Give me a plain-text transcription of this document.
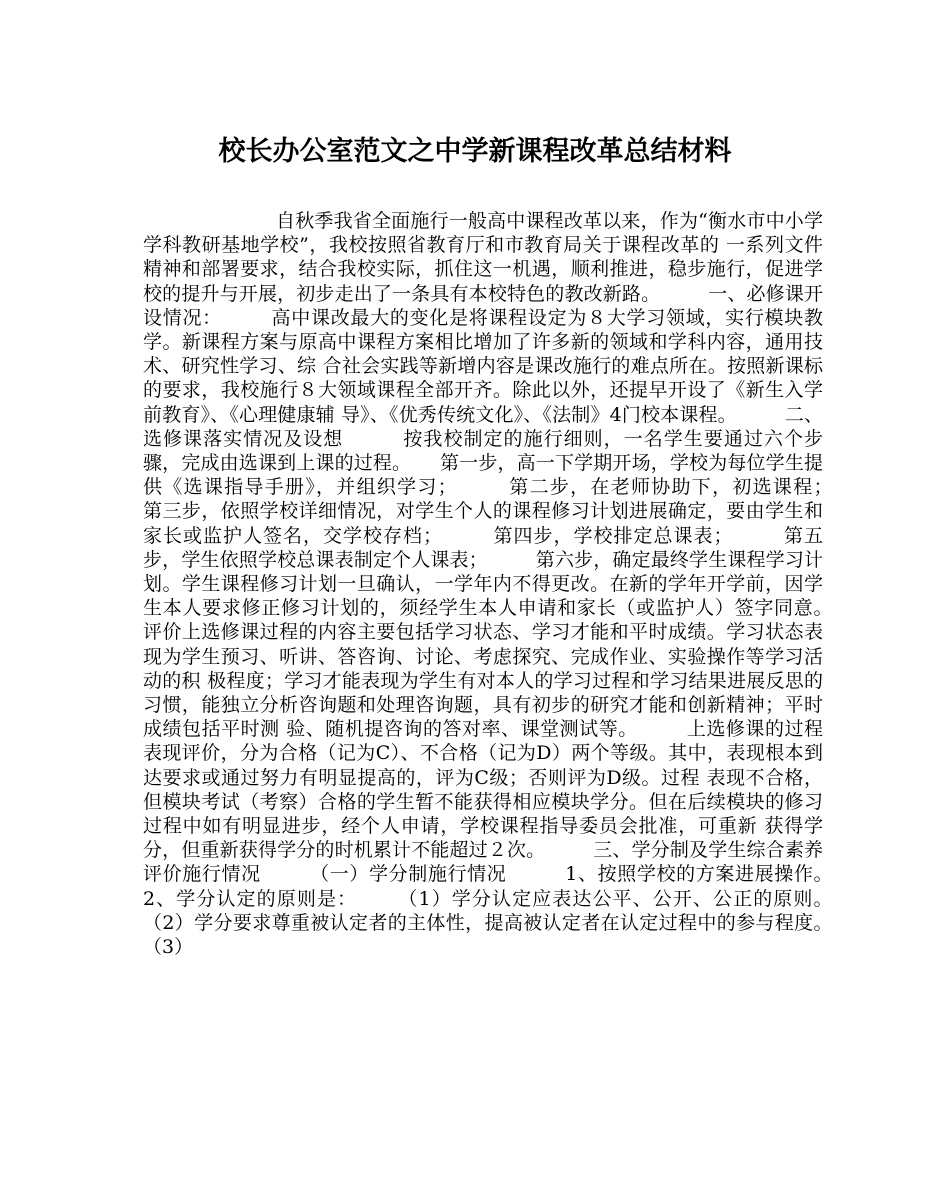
校长办公室范文之中学新课程改革总结材料

自秋季我省全面施行一般高中课程改革以来，作为“衡水市中小学学科教研基地学校”，我校按照省教育厅和市教育局关于课程改革的 一系列文件精神和部署要求，结合我校实际，抓住这一机遇，顺利推进，稳步施行，促进学校的提升与开展，初步走出了一条具有本校特色的教改新路。　　　一、必修课开设情况：　　　高中课改最大的变化是将课程设定为８大学习领域，实行模块教学。新课程方案与原高中课程方案相比增加了许多新的领域和学科内容，通用技术、研究性学习、综 合社会实践等新增内容是课改施行的难点所在。按照新课标的要求，我校施行８大领域课程全部开齐。除此以外，还提早开设了《新生入学前教育》、《心理健康辅 导》、《优秀传统文化》、《法制》4门校本课程。　　　二、选修课落实情况及设想　　　按我校制定的施行细则，一名学生要通过六个步骤，完成由选课到上课的过程。　　第一步，高一下学期开场，学校为每位学生提供《选课指导手册》，并组织学习；　　　第二步，在老师协助下，初选课程；　　　第三步，依照学校详细情况，对学生个人的课程修习计划进展确定，要由学生和家长或监护人签名，交学校存档；　　　第四步，学校排定总课表；　　　第五步，学生依照学校总课表制定个人课表；　　　第六步，确定最终学生课程学习计划。学生课程修习计划一旦确认，一学年内不得更改。在新的学年开学前，因学生本人要求修正修习计划的，须经学生本人申请和家长（或监护人）签字同意。　　　评价上选修课过程的内容主要包括学习状态、学习才能和平时成绩。学习状态表现为学生预习、听讲、答咨询、讨论、考虑探究、完成作业、实验操作等学习活动的积 极程度；学习才能表现为学生有对本人的学习过程和学习结果进展反思的习惯，能独立分析咨询题和处理咨询题，具有初步的研究才能和创新精神；平时成绩包括平时测 验、随机提咨询的答对率、课堂测试等。　　　上选修课的过程表现评价，分为合格（记为C）、不合格（记为D）两个等级。其中，表现根本到达要求或通过努力有明显提高的，评为C级；否则评为D级。过程 表现不合格，但模块考试（考察）合格的学生暂不能获得相应模块学分。但在后续模块的修习过程中如有明显进步，经个人申请，学校课程指导委员会批准，可重新 获得学分，但重新获得学分的时机累计不能超过２次。　　　三、学分制及学生综合素养评价施行情况　　　（一）学分制施行情况　　　1、按照学校的方案进展操作。　　　2、学分认定的原则是：　　　（1）学分认定应表达公平、公开、公正的原则。　　　（2）学分要求尊重被认定者的主体性，提高被认定者在认定过程中的参与程度。　　　（3）
